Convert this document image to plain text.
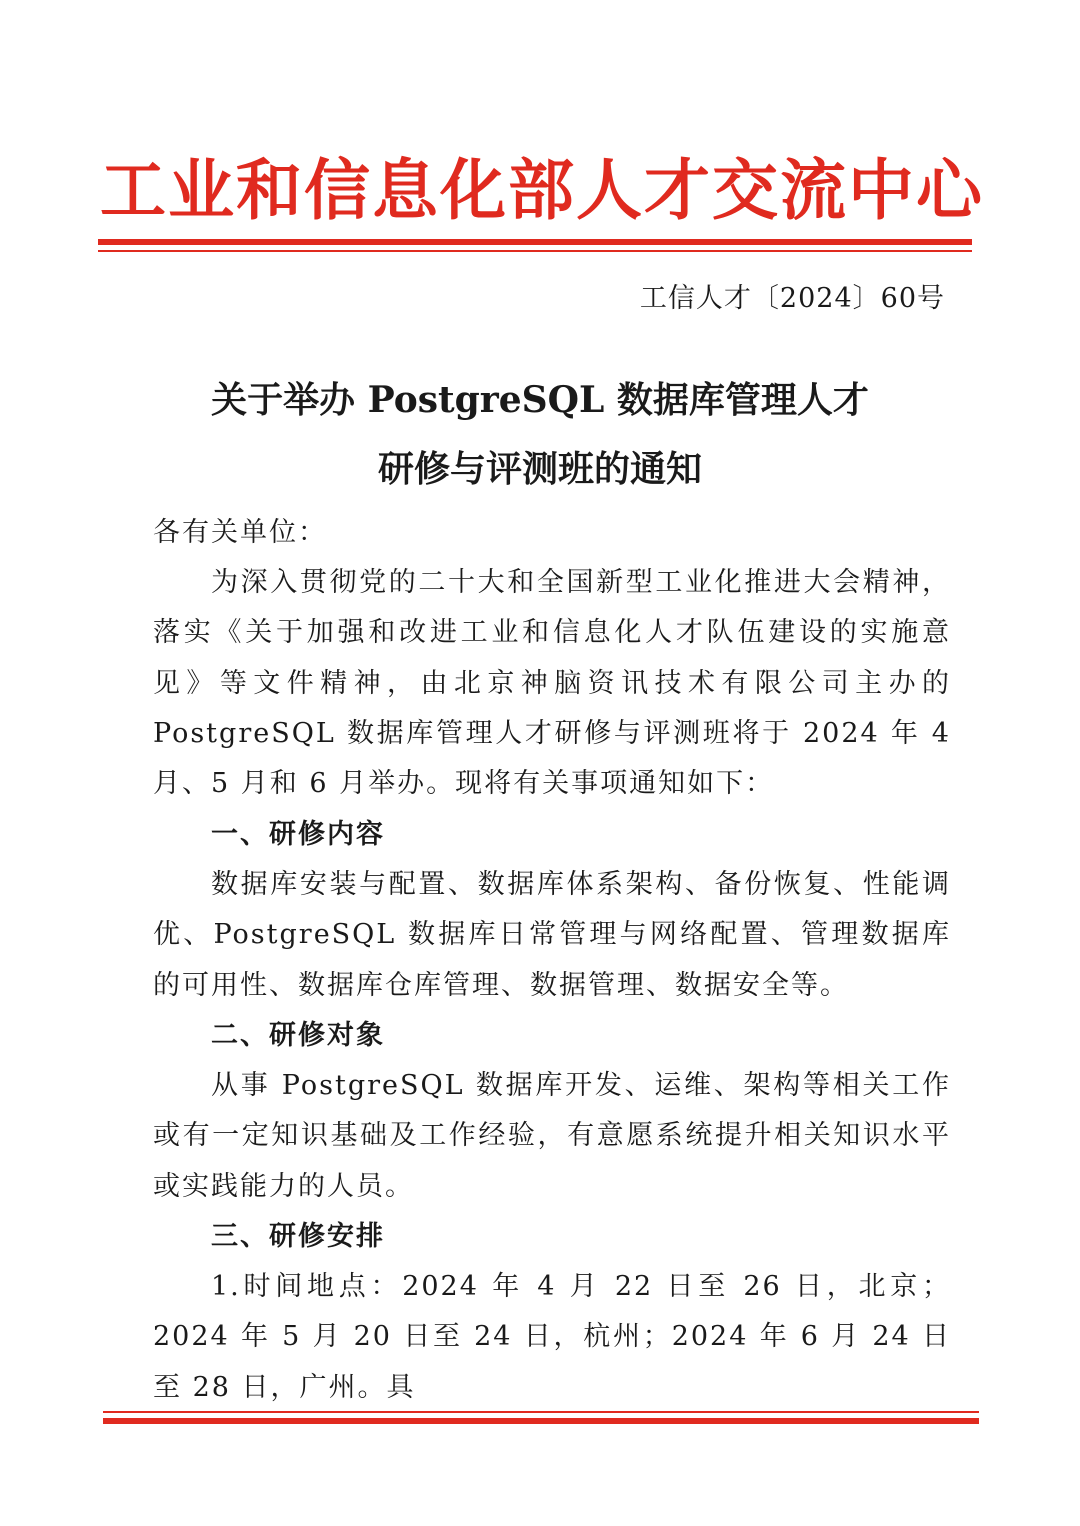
工业和信息化部人才交流中心
工信人才〔2024〕60号
关于举办 PostgreSQL 数据库管理人才
研修与评测班的通知
各有关单位：
为深入贯彻党的二十大和全国新型工业化推进大会精神，落实《关于加强和改进工业和信息化人才队伍建设的实施意见》等文件精神，由北京神脑资讯技术有限公司主办的 PostgreSQL 数据库管理人才研修与评测班将于 2024 年 4 月、5 月和 6 月举办。现将有关事项通知如下：
一、研修内容
数据库安装与配置、数据库体系架构、备份恢复、性能调优、PostgreSQL 数据库日常管理与网络配置、管理数据库的可用性、数据库仓库管理、数据管理、数据安全等。
二、研修对象
从事 PostgreSQL 数据库开发、运维、架构等相关工作或有一定知识基础及工作经验，有意愿系统提升相关知识水平或实践能力的人员。
三、研修安排
1.时间地点：2024 年 4 月 22 日至 26 日，北京；2024 年 5 月 20 日至 24 日，杭州；2024 年 6 月 24 日至 28 日，广州。具
